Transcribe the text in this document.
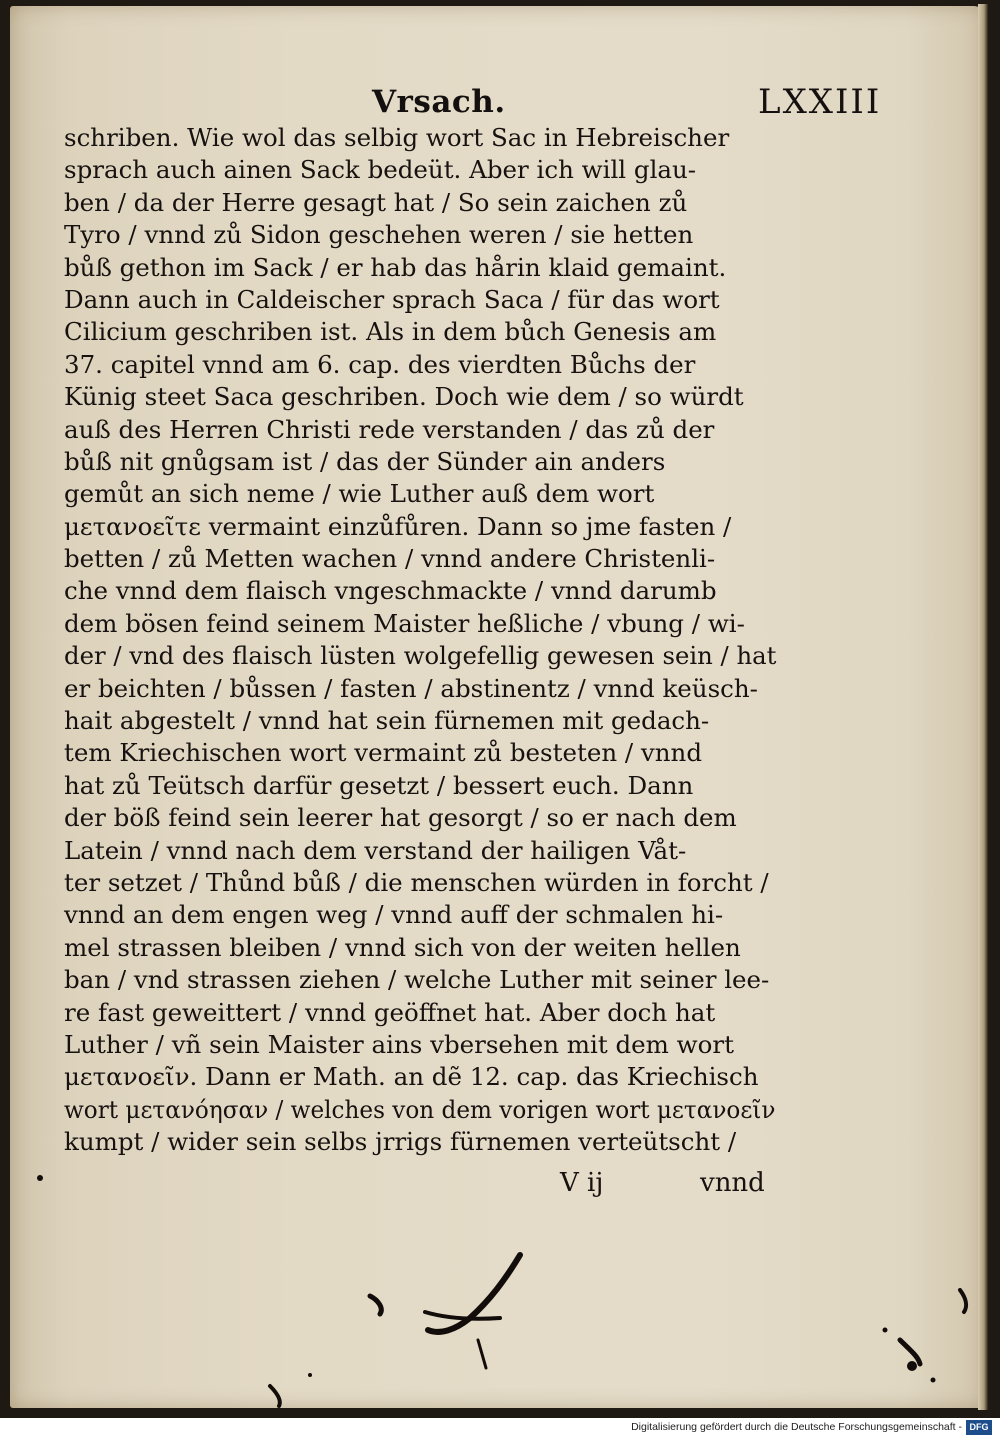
Vrsach.	LXXIII
schriben. Wie wol das selbig wort Sac in Hebreischer
sprach auch ainen Sack bedeüt. Aber ich will glau-
ben / da der Herre gesagt hat / So sein zaichen zů
Tyro / vnnd zů Sidon geschehen weren / sie hetten
bůß gethon im Sack / er hab das hårin klaid gemaint.
Dann auch in Caldeischer sprach Saca / für das wort
Cilicium geschriben ist. Als in dem bůch Genesis am
37. capitel vnnd am 6. cap. des vierdten Bůchs der
Künig steet Saca geschriben. Doch wie dem / so würdt
auß des Herren Christi rede verstanden / das zů der
bůß nit gnůgsam ist / das der Sünder ain anders
gemůt an sich neme / wie Luther auß dem wort
μετανοεῖτε vermaint einzůfůren. Dann so jme fasten /
betten / zů Metten wachen / vnnd andere Christenli-
che vnnd dem flaisch vngeschmackte / vnnd darumb
dem bösen feind seinem Maister heßliche / vbung / wi-
der / vnd des flaisch lüsten wolgefellig gewesen sein / hat
er beichten / bůssen / fasten / abstinentz / vnnd keüsch-
hait abgestelt / vnnd hat sein fürnemen mit gedach-
tem Kriechischen wort vermaint zů besteten / vnnd
hat zů Teütsch darfür gesetzt / bessert euch. Dann
der böß feind sein leerer hat gesorgt / so er nach dem
Latein / vnnd nach dem verstand der hailigen Våt-
ter setzet / Thůnd bůß / die menschen würden in forcht /
vnnd an dem engen weg / vnnd auff der schmalen hi-
mel strassen bleiben / vnnd sich von der weiten hellen
ban / vnd strassen ziehen / welche Luther mit seiner lee-
re fast geweittert / vnnd geöffnet hat. Aber doch hat
Luther / vñ sein Maister ains vbersehen mit dem wort
μετανοεῖν. Dann er Math. an dẽ 12. cap. das Kriechisch
wort μετανόησαν / welches von dem vorigen wort μετανοεῖν
kumpt / wider sein selbs jrrigs fürnemen verteütscht /
V ij	vnnd
Digitalisierung gefördert durch die Deutsche Forschungsgemeinschaft - DFG
